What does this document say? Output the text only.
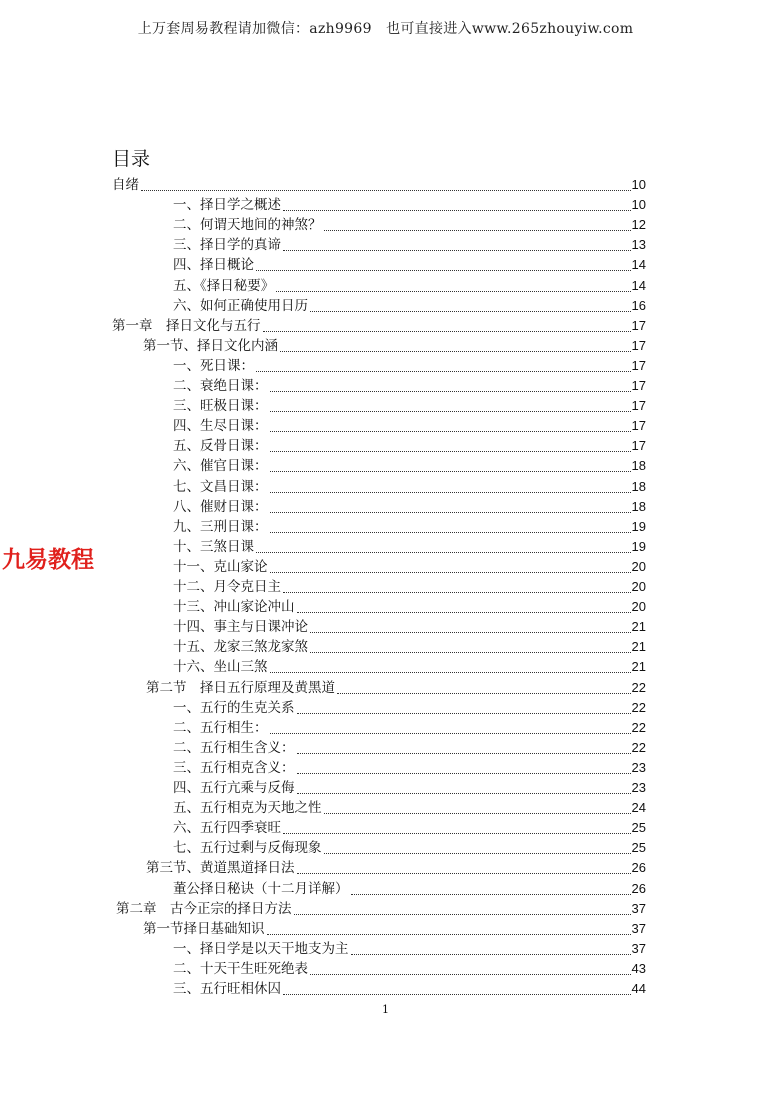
上万套周易教程请加微信：azh9969　也可直接进入www.265zhouyiw.com
目录
九易教程
自绪	10
一、择日学之概述	10
二、何谓天地间的神煞？	12
三、择日学的真谛	13
四、择日概论	14
五、《择日秘要》	14
六、如何正确使用日历	16
第一章　择日文化与五行	17
第一节、择日文化内涵	17
一、死日课：	17
二、衰绝日课：	17
三、旺极日课：	17
四、生尽日课：	17
五、反骨日课：	17
六、催官日课：	18
七、文昌日课：	18
八、催财日课：	18
九、三刑日课：	19
十、三煞日课	19
十一、克山家论	20
十二、月令克日主	20
十三、冲山家论冲山	20
十四、事主与日课冲论	21
十五、龙家三煞龙家煞	21
十六、坐山三煞	21
第二节　择日五行原理及黄黑道	22
一、五行的生克关系	22
二、五行相生：	22
二、五行相生含义：	22
三、五行相克含义：	23
四、五行亢乘与反侮	23
五、五行相克为天地之性	24
六、五行四季衰旺	25
七、五行过剩与反侮现象	25
第三节、黄道黑道择日法	26
董公择日秘诀（十二月详解）	26
第二章　古今正宗的择日方法	37
第一节择日基础知识	37
一、择日学是以天干地支为主	37
二、十天干生旺死绝表	43
三、五行旺相休囚	44
1
